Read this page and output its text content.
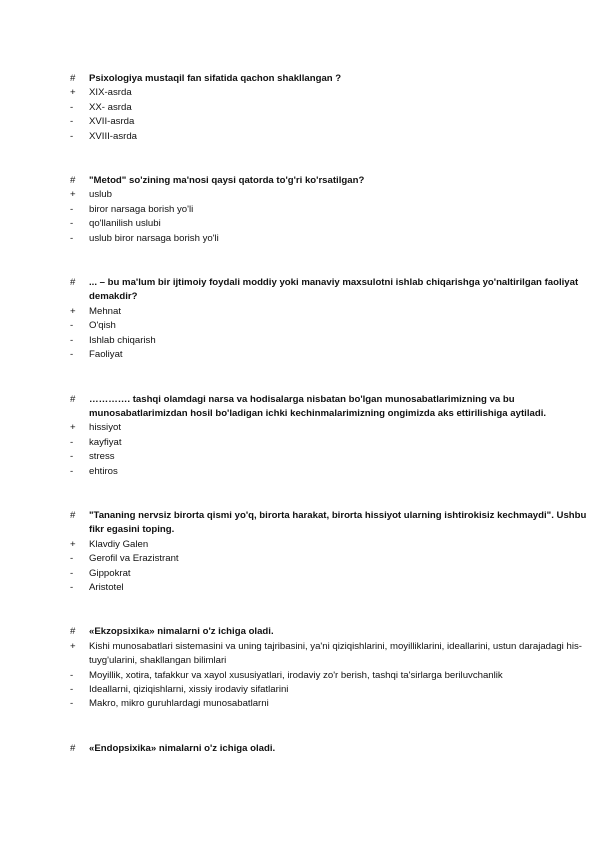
#	Psixologiya mustaqil fan sifatida qachon shakllangan ?
+	XIX-asrda
-	XX- asrda
-	XVII-asrda
-	XVIII-asrda
#	"Metod" so'zining ma'nosi qaysi qatorda to'g'ri ko'rsatilgan?
+	uslub
-	biror narsaga borish yo'li
-	qo'llanilish uslubi
-	uslub biror narsaga borish yo'li
#	... – bu ma'lum bir ijtimoiy foydali moddiy yoki manaviy maxsulotni ishlab chiqarishga yo'naltirilgan faoliyat demakdir?
+	Mehnat
-	O'qish
-	Ishlab chiqarish
-	Faoliyat
#	…………. tashqi olamdagi narsa va hodisalarga nisbatan bo'lgan munosabatlarimizning va bu munosabatlarimizdan hosil bo'ladigan ichki kechinmalarimizning ongimizda aks ettirilishiga aytiladi.
+	hissiyot
-	kayfiyat
-	stress
-	ehtiros
#	"Tananing nervsiz birorta qismi yo'q, birorta harakat, birorta hissiyot ularning ishtirokisiz kechmaydi". Ushbu fikr egasini toping.
+	Klavdiy Galen
-	Gerofil va Erazistrant
-	Gippokrat
-	Aristotel
#	«Ekzopsixika» nimalarni o'z ichiga oladi.
+	Kishi munosabatlari sistemasini va uning tajribasini, ya'ni qiziqishlarini, moyilliklarini, ideallarini, ustun darajadagi his-tuyg'ularini, shakllangan bilimlari
-	Moyillik, xotira, tafakkur va xayol xususiyatlari, irodaviy zo'r berish, tashqi ta'sirlarga beriluvchanlik
-	Ideallarni, qiziqishlarni, xissiy irodaviy sifatlarini
-	Makro, mikro guruhlardagi munosabatlarni
#	«Endopsixika» nimalarni o'z ichiga oladi.
